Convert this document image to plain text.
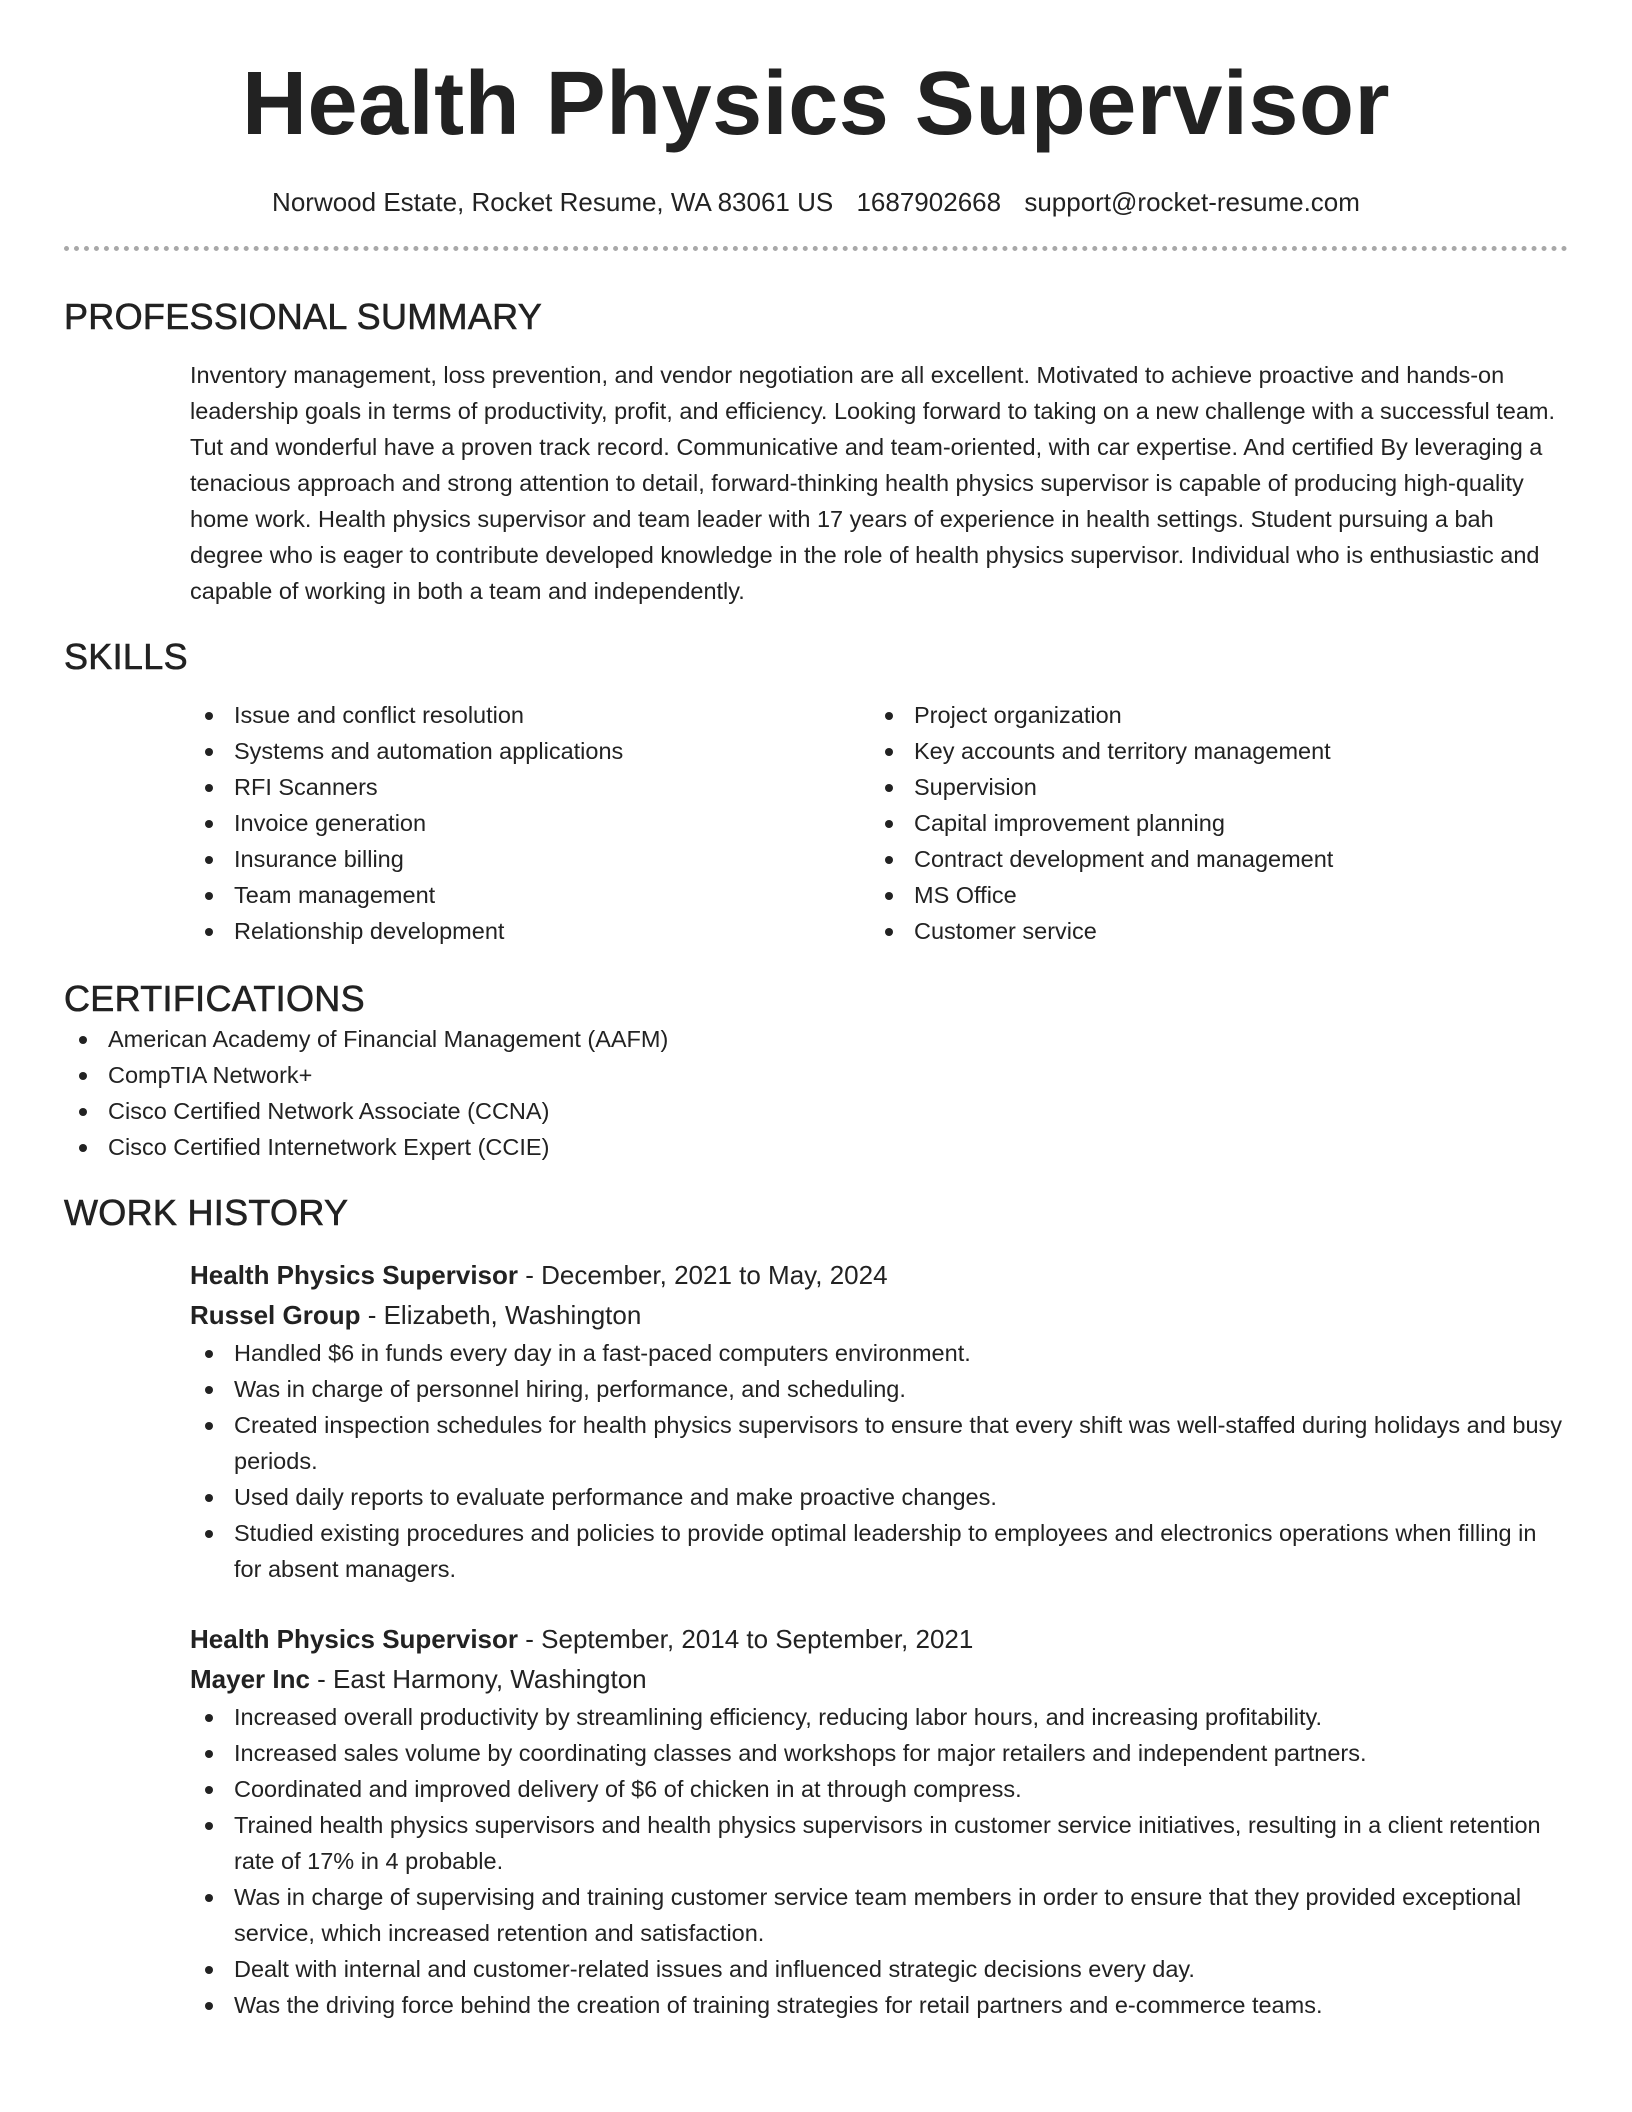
Health Physics Supervisor
Norwood Estate, Rocket Resume, WA 83061 US 1687902668 support@rocket-resume.com
PROFESSIONAL SUMMARY

Inventory management, loss prevention, and vendor negotiation are all excellent. Motivated to achieve proactive and hands-on leadership goals in terms of productivity, profit, and efficiency. Looking forward to taking on a new challenge with a successful team. Tut and wonderful have a proven track record. Communicative and team-oriented, with car expertise. And certified By leveraging a tenacious approach and strong attention to detail, forward-thinking health physics supervisor is capable of producing high-quality home work. Health physics supervisor and team leader with 17 years of experience in health settings. Student pursuing a bah degree who is eager to contribute developed knowledge in the role of health physics supervisor. Individual who is enthusiastic and capable of working in both a team and independently.

SKILLS
Issue and conflict resolution
Systems and automation applications
RFI Scanners
Invoice generation
Insurance billing
Team management
Relationship development
Project organization
Key accounts and territory management
Supervision
Capital improvement planning
Contract development and management
MS Office
Customer service
CERTIFICATIONS
American Academy of Financial Management (AAFM)
CompTIA Network+
Cisco Certified Network Associate (CCNA)
Cisco Certified Internetwork Expert (CCIE)
WORK HISTORY
Health Physics Supervisor - December, 2021 to May, 2024
Russel Group - Elizabeth, Washington
Handled $6 in funds every day in a fast-paced computers environment.
Was in charge of personnel hiring, performance, and scheduling.
Created inspection schedules for health physics supervisors to ensure that every shift was well-staffed during holidays and busy periods.
Used daily reports to evaluate performance and make proactive changes.
Studied existing procedures and policies to provide optimal leadership to employees and electronics operations when filling in for absent managers.
Health Physics Supervisor - September, 2014 to September, 2021
Mayer Inc - East Harmony, Washington
Increased overall productivity by streamlining efficiency, reducing labor hours, and increasing profitability.
Increased sales volume by coordinating classes and workshops for major retailers and independent partners.
Coordinated and improved delivery of $6 of chicken in at through compress.
Trained health physics supervisors and health physics supervisors in customer service initiatives, resulting in a client retention rate of 17% in 4 probable.
Was in charge of supervising and training customer service team members in order to ensure that they provided exceptional service, which increased retention and satisfaction.
Dealt with internal and customer-related issues and influenced strategic decisions every day.
Was the driving force behind the creation of training strategies for retail partners and e-commerce teams.
